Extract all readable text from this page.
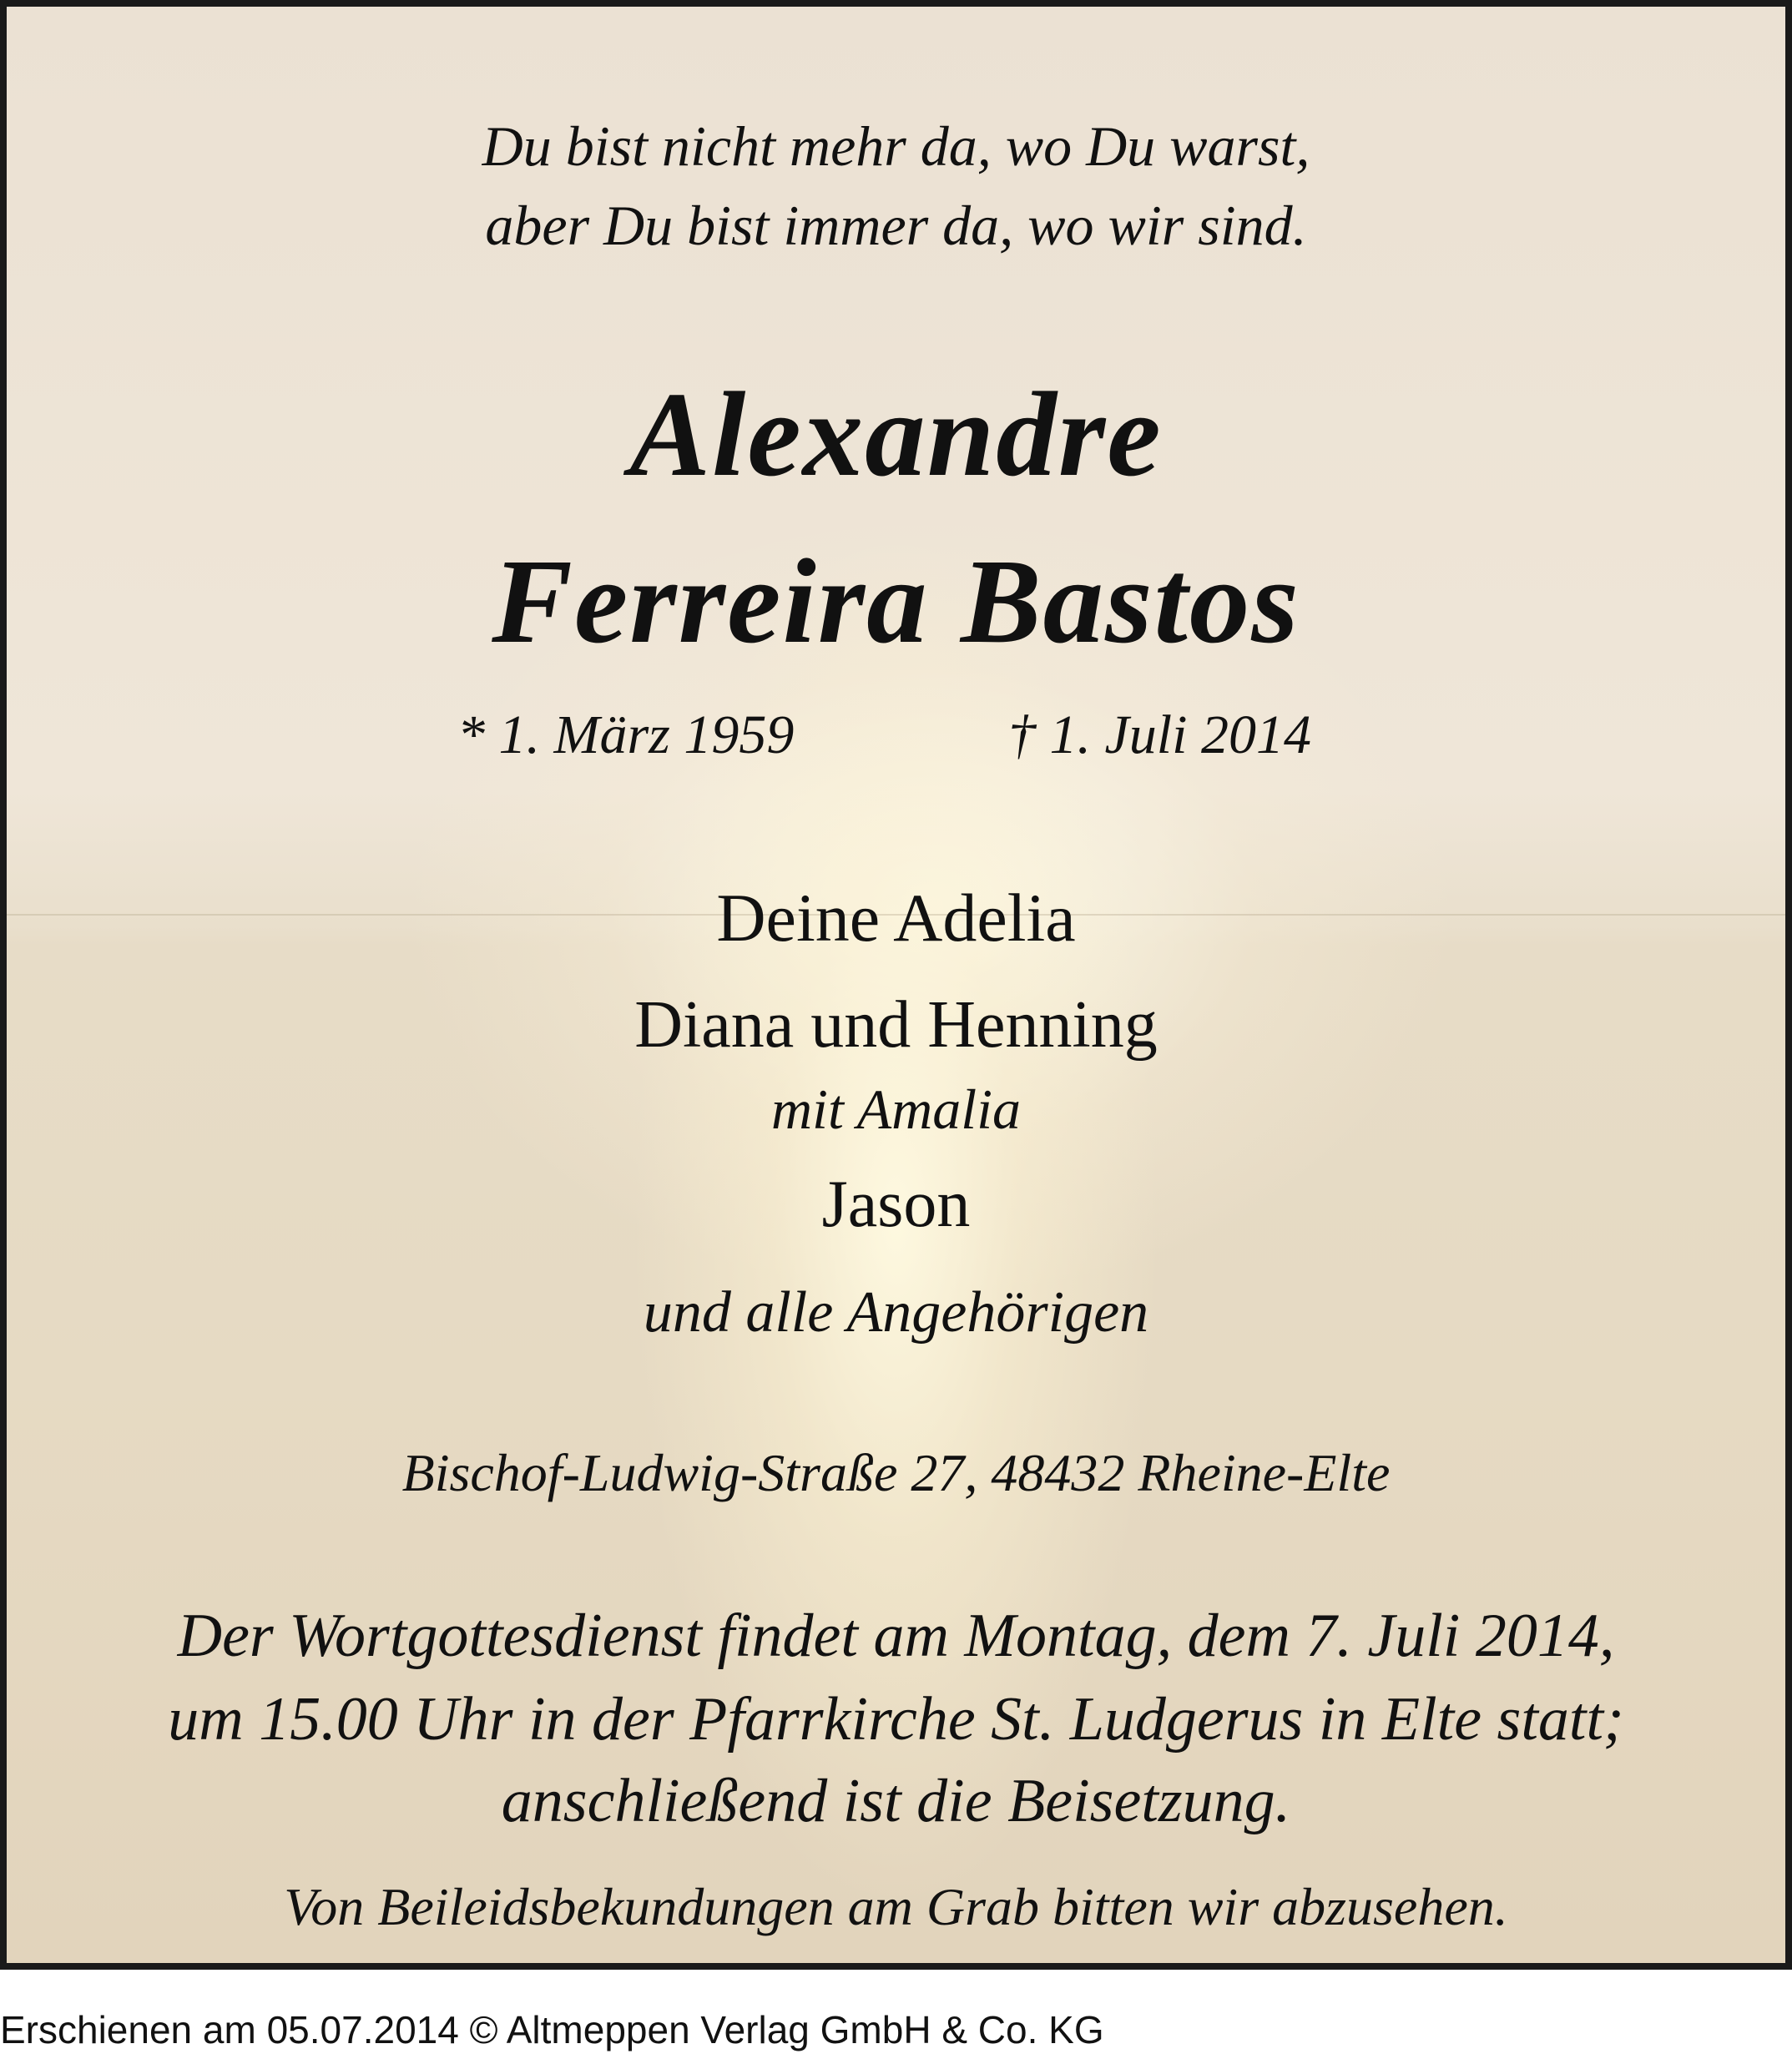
Du bist nicht mehr da, wo Du warst,
aber Du bist immer da, wo wir sind.
Alexandre
Ferreira Bastos
* 1. März 1959	† 1. Juli 2014
Deine Adelia
Diana und Henning
mit Amalia
Jason
und alle Angehörigen
Bischof-Ludwig-Straße 27, 48432 Rheine-Elte
Der Wortgottesdienst findet am Montag, dem 7. Juli 2014,
um 15.00 Uhr in der Pfarrkirche St. Ludgerus in Elte statt;
anschließend ist die Beisetzung.
Von Beileidsbekundungen am Grab bitten wir abzusehen.
Erschienen am 05.07.2014 © Altmeppen Verlag GmbH & Co. KG
